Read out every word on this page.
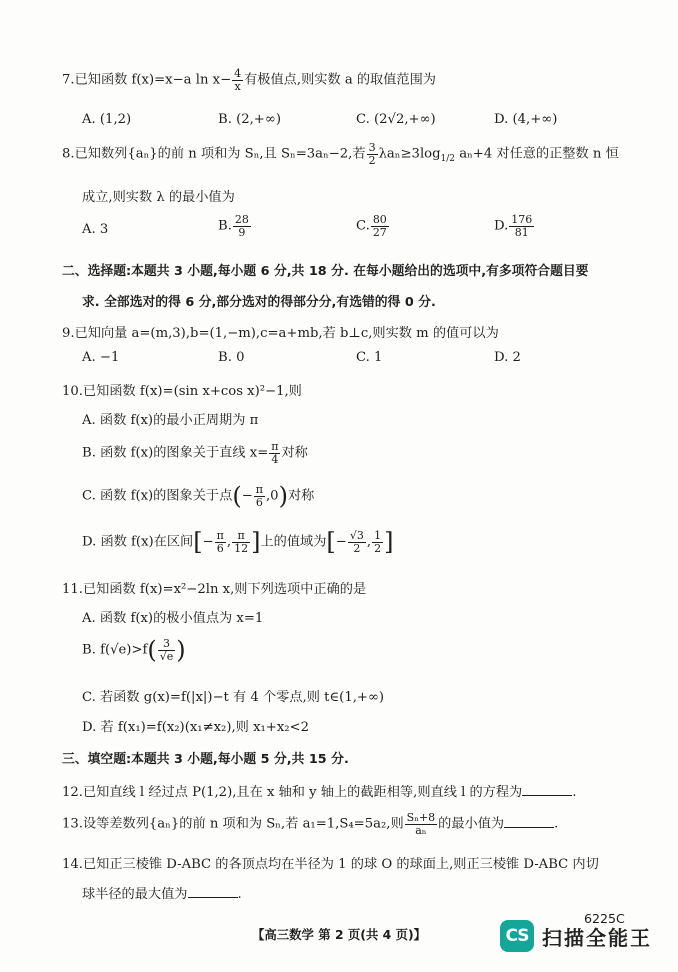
7.已知函数 f(x)=x−a $\ln x- \frac{4}{x}$ 有极值点,则实数 a 的取值范围为
A. (1,2)	B. (2,+∞)	C. (2√2,+∞)	D. (4,+∞)
8.已知数列{aₙ}的前 n 项和为 Sₙ,且 Sₙ=3aₙ−2,若 $\frac{3}{2} \lambda a_n\ge 3\log_{1/2}$ aₙ+4 对任意的正整数 n 恒
成立,则实数 λ 的最小值为
A. 3	B. $\frac{28}{9}$	C. $\frac{80}{27}$	D. $\frac{176}{81}$
二、选择题:本题共 3 小题,每小题 6 分,共 18 分. 在每小题给出的选项中,有多项符合题目要
求. 全部选对的得 6 分,部分选对的得部分分,有选错的得 0 分.
9.已知向量 a=(m,3),b=(1,−m),c=a+mb,若 b⊥c,则实数 m 的值可以为
A. −1	B. 0	C. 1	D. 2
10.已知函数 f(x)=(sin x+cos x)²−1,则
A. 函数 f(x)的最小正周期为 π
B. 函数 f(x)的图象关于直线 $x= \frac{\pi}{4}$ 对称
C. 函数 f(x)的图象关于点(− $\frac{\pi}{6} ,0$)对称
D. 函数 f(x)在区间[− $\frac{\pi}{6}$ , $\frac{\pi}{12}$ ]上的值域为[− $\frac{√3}{2}$ , $\frac{1}{2}$ ]
11.已知函数 f(x)=x²−2ln x,则下列选项中正确的是
A. 函数 f(x)的极小值点为 x=1
B. $f(√e)>f( \frac{3}{√e}$ )
C. 若函数 g(x)=f(|x|)−t 有 4 个零点,则 t∈(1,+∞)
D. 若 f(x₁)=f(x₂)(x₁≠x₂),则 x₁+x₂<2
三、填空题:本题共 3 小题,每小题 5 分,共 15 分.
12.已知直线 l 经过点 P(1,2),且在 x 轴和 y 轴上的截距相等,则直线 l 的方程为	.
13.设等差数列{aₙ}的前 n 项和为 Sₙ,若 a₁=1,S₄=5a₂,则 $\frac{\text{Sₙ+8}}{\text{aₙ}}$ 的最小值为	.
14.已知正三棱锥 D-ABC 的各顶点均在半径为 1 的球 O 的球面上,则正三棱锥 D-ABC 内切
球半径的最大值为	.
6225C
【高三数学 第 2 页(共 4 页)】	CS 扫描全能王
